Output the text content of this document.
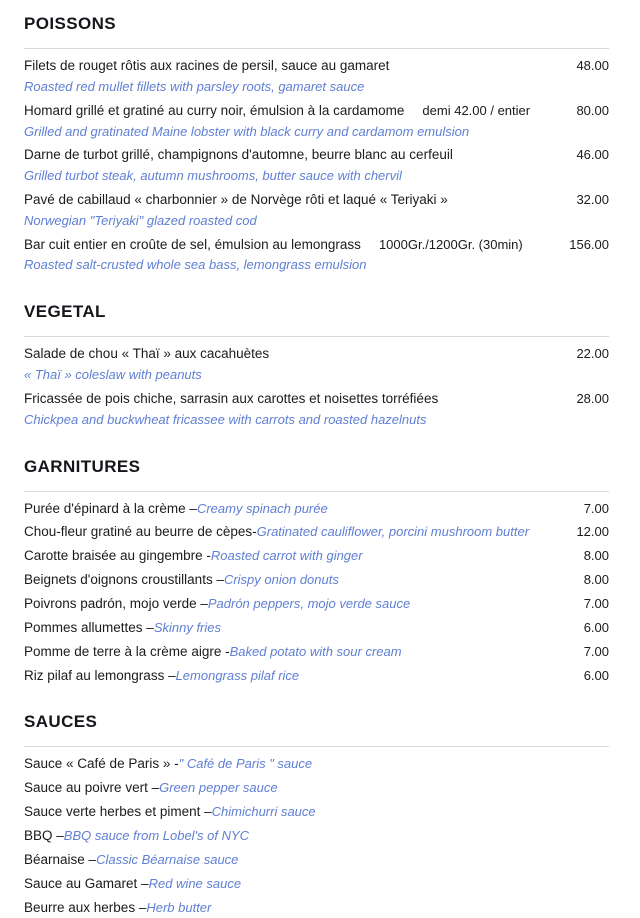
POISSONS
Filets de rouget rôtis aux racines de persil, sauce au gamaret	48.00
Roasted red mullet fillets with parsley roots, gamaret sauce
Homard grillé et gratiné au curry noir, émulsion à la cardamome demi 42.00 / entier	80.00
Grilled and gratinated Maine lobster with black curry and cardamom emulsion
Darne de turbot grillé, champignons d'automne, beurre blanc au cerfeuil	46.00
Grilled turbot steak, autumn mushrooms, butter sauce with chervil
Pavé de cabillaud « charbonnier » de Norvège rôti et laqué « Teriyaki »	32.00
Norwegian "Teriyaki" glazed roasted cod
Bar cuit entier en croûte de sel, émulsion au lemongrass 1000Gr./1200Gr. (30min)	156.00
Roasted salt-crusted whole sea bass, lemongrass emulsion
VEGETAL
Salade de chou « Thaï » aux cacahuètes	22.00
« Thaï » coleslaw with peanuts
Fricassée de pois chiche, sarrasin aux carottes et noisettes torréfiées	28.00
Chickpea and buckwheat fricassee with carrots and roasted hazelnuts
GARNITURES
Purée d'épinard à la crème – Creamy spinach purée	7.00
Chou-fleur gratiné au beurre de cèpes- Gratinated cauliflower, porcini mushroom butter	12.00
Carotte braisée au gingembre - Roasted carrot with ginger	8.00
Beignets d'oignons croustillants – Crispy onion donuts	8.00
Poivrons padrón, mojo verde – Padrón peppers, mojo verde sauce	7.00
Pommes allumettes – Skinny fries	6.00
Pomme de terre à la crème aigre - Baked potato with sour cream	7.00
Riz pilaf au lemongrass – Lemongrass pilaf rice	6.00
SAUCES
Sauce « Café de Paris » - " Café de Paris " sauce
Sauce au poivre vert – Green pepper sauce
Sauce verte herbes et piment – Chimichurri sauce
BBQ – BBQ sauce from Lobel's of NYC
Béarnaise – Classic Béarnaise sauce
Sauce au Gamaret – Red wine sauce
Beurre aux herbes – Herb butter
